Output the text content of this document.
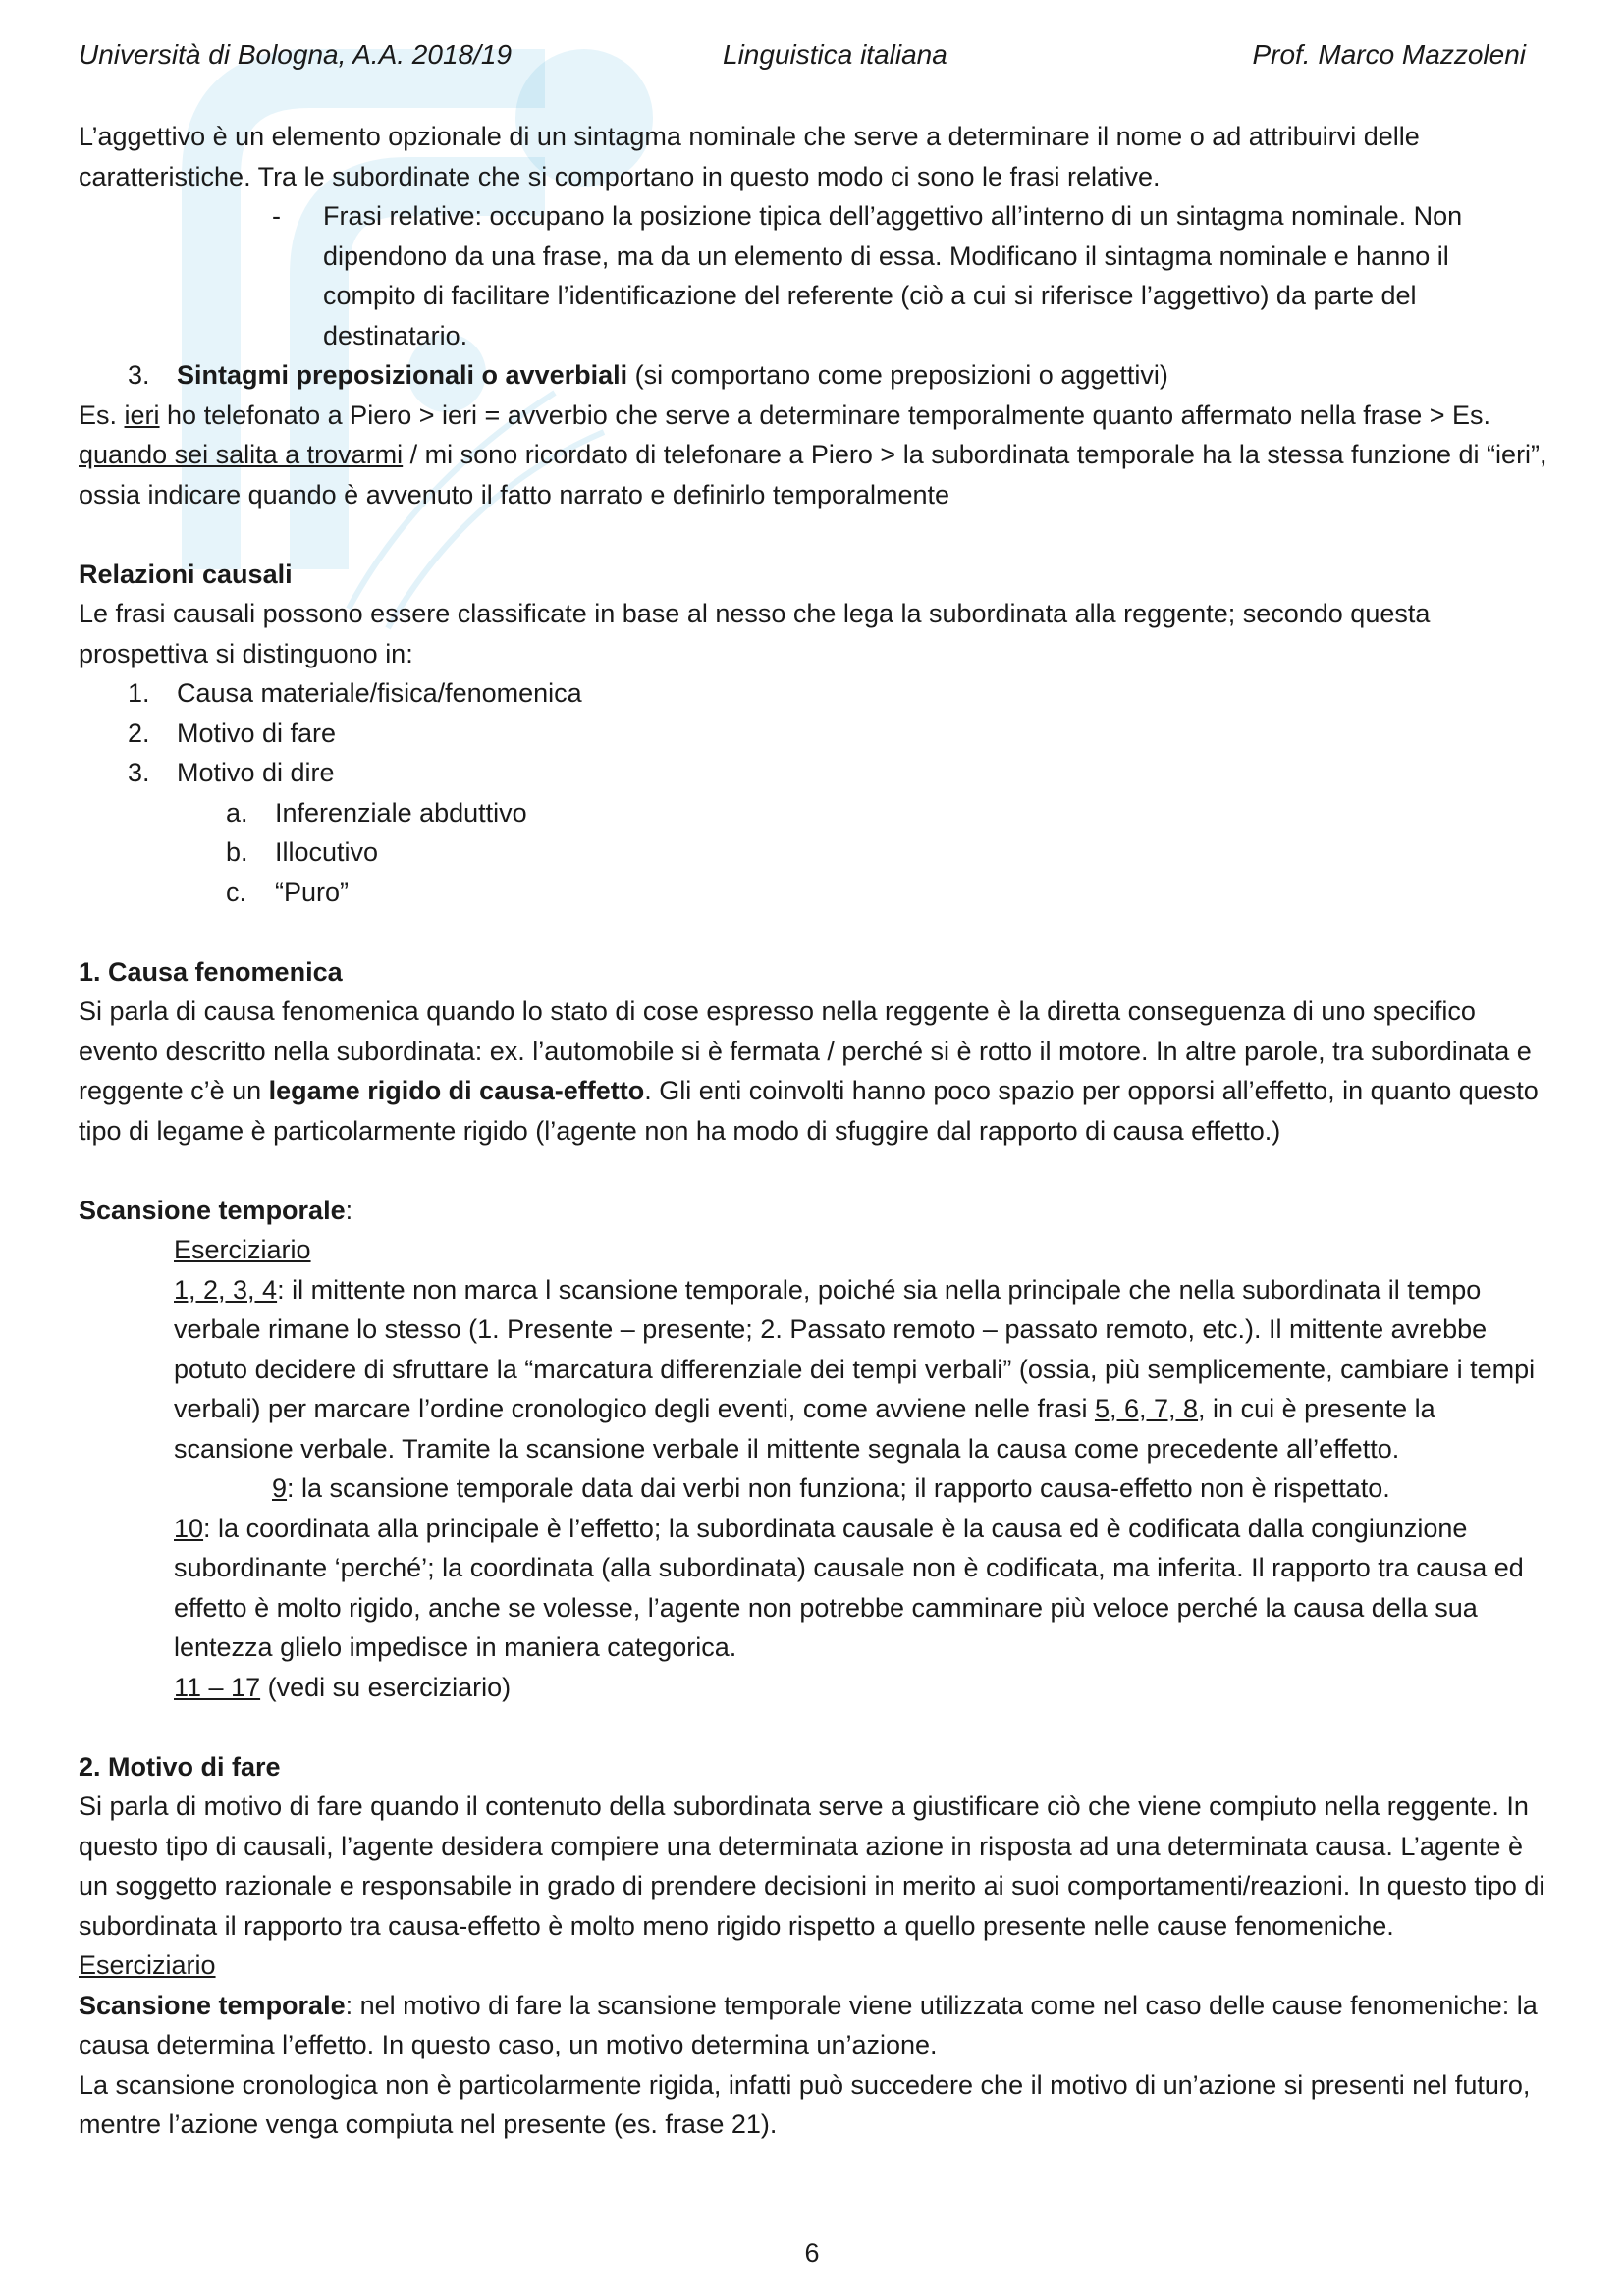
Università di Bologna, A.A. 2018/19	Linguistica italiana	Prof. Marco Mazzoleni

L’aggettivo è un elemento opzionale di un sintagma nominale che serve a determinare il nome o ad attribuirvi delle caratteristiche. Tra le subordinate che si comportano in questo modo ci sono le frasi relative.

- Frasi relative: occupano la posizione tipica dell’aggettivo all’interno di un sintagma nominale. Non dipendono da una frase, ma da un elemento di essa. Modificano il sintagma nominale e hanno il compito di facilitare l’identificazione del referente (ciò a cui si riferisce l’aggettivo) da parte del destinatario.
3. Sintagmi preposizionali o avverbiali (si comportano come preposizioni o aggettivi)

Es. ieri ho telefonato a Piero > ieri = avverbio che serve a determinare temporalmente quanto affermato nella frase > Es. quando sei salita a trovarmi / mi sono ricordato di telefonare a Piero > la subordinata temporale ha la stessa funzione di “ieri”, ossia indicare quando è avvenuto il fatto narrato e definirlo temporalmente

Relazioni causali

Le frasi causali possono essere classificate in base al nesso che lega la subordinata alla reggente; secondo questa prospettiva si distinguono in:

1. Causa materiale/fisica/fenomenica
2. Motivo di fare
3. Motivo di dire
a. Inferenziale abduttivo
b. Illocutivo
c. “Puro”

1. Causa fenomenica

Si parla di causa fenomenica quando lo stato di cose espresso nella reggente è la diretta conseguenza di uno specifico evento descritto nella subordinata: ex. l’automobile si è fermata / perché si è rotto il motore. In altre parole, tra subordinata e reggente c’è un legame rigido di causa-effetto. Gli enti coinvolti hanno poco spazio per opporsi all’effetto, in quanto questo tipo di legame è particolarmente rigido (l’agente non ha modo di sfuggire dal rapporto di causa effetto.)

Scansione temporale:

Eserciziario

1, 2, 3, 4: il mittente non marca l scansione temporale, poiché sia nella principale che nella subordinata il tempo verbale rimane lo stesso (1. Presente – presente; 2. Passato remoto – passato remoto, etc.). Il mittente avrebbe potuto decidere di sfruttare la “marcatura differenziale dei tempi verbali” (ossia, più semplicemente, cambiare i tempi verbali) per marcare l’ordine cronologico degli eventi, come avviene nelle frasi 5, 6, 7, 8, in cui è presente la scansione verbale. Tramite la scansione verbale il mittente segnala la causa come precedente all’effetto.

9: la scansione temporale data dai verbi non funziona; il rapporto causa-effetto non è rispettato.

10: la coordinata alla principale è l’effetto; la subordinata causale è la causa ed è codificata dalla congiunzione subordinante ‘perché’; la coordinata (alla subordinata) causale non è codificata, ma inferita. Il rapporto tra causa ed effetto è molto rigido, anche se volesse, l’agente non potrebbe camminare più veloce perché la causa della sua lentezza glielo impedisce in maniera categorica.

11 – 17 (vedi su eserciziario)

2. Motivo di fare

Si parla di motivo di fare quando il contenuto della subordinata serve a giustificare ciò che viene compiuto nella reggente. In questo tipo di causali, l’agente desidera compiere una determinata azione in risposta ad una determinata causa. L’agente è un soggetto razionale e responsabile in grado di prendere decisioni in merito ai suoi comportamenti/reazioni. In questo tipo di subordinata il rapporto tra causa-effetto è molto meno rigido rispetto a quello presente nelle cause fenomeniche.

Eserciziario

Scansione temporale: nel motivo di fare la scansione temporale viene utilizzata come nel caso delle cause fenomeniche: la causa determina l’effetto. In questo caso, un motivo determina un’azione.

La scansione cronologica non è particolarmente rigida, infatti può succedere che il motivo di un’azione si presenti nel futuro, mentre l’azione venga compiuta nel presente (es. frase 21).

6
